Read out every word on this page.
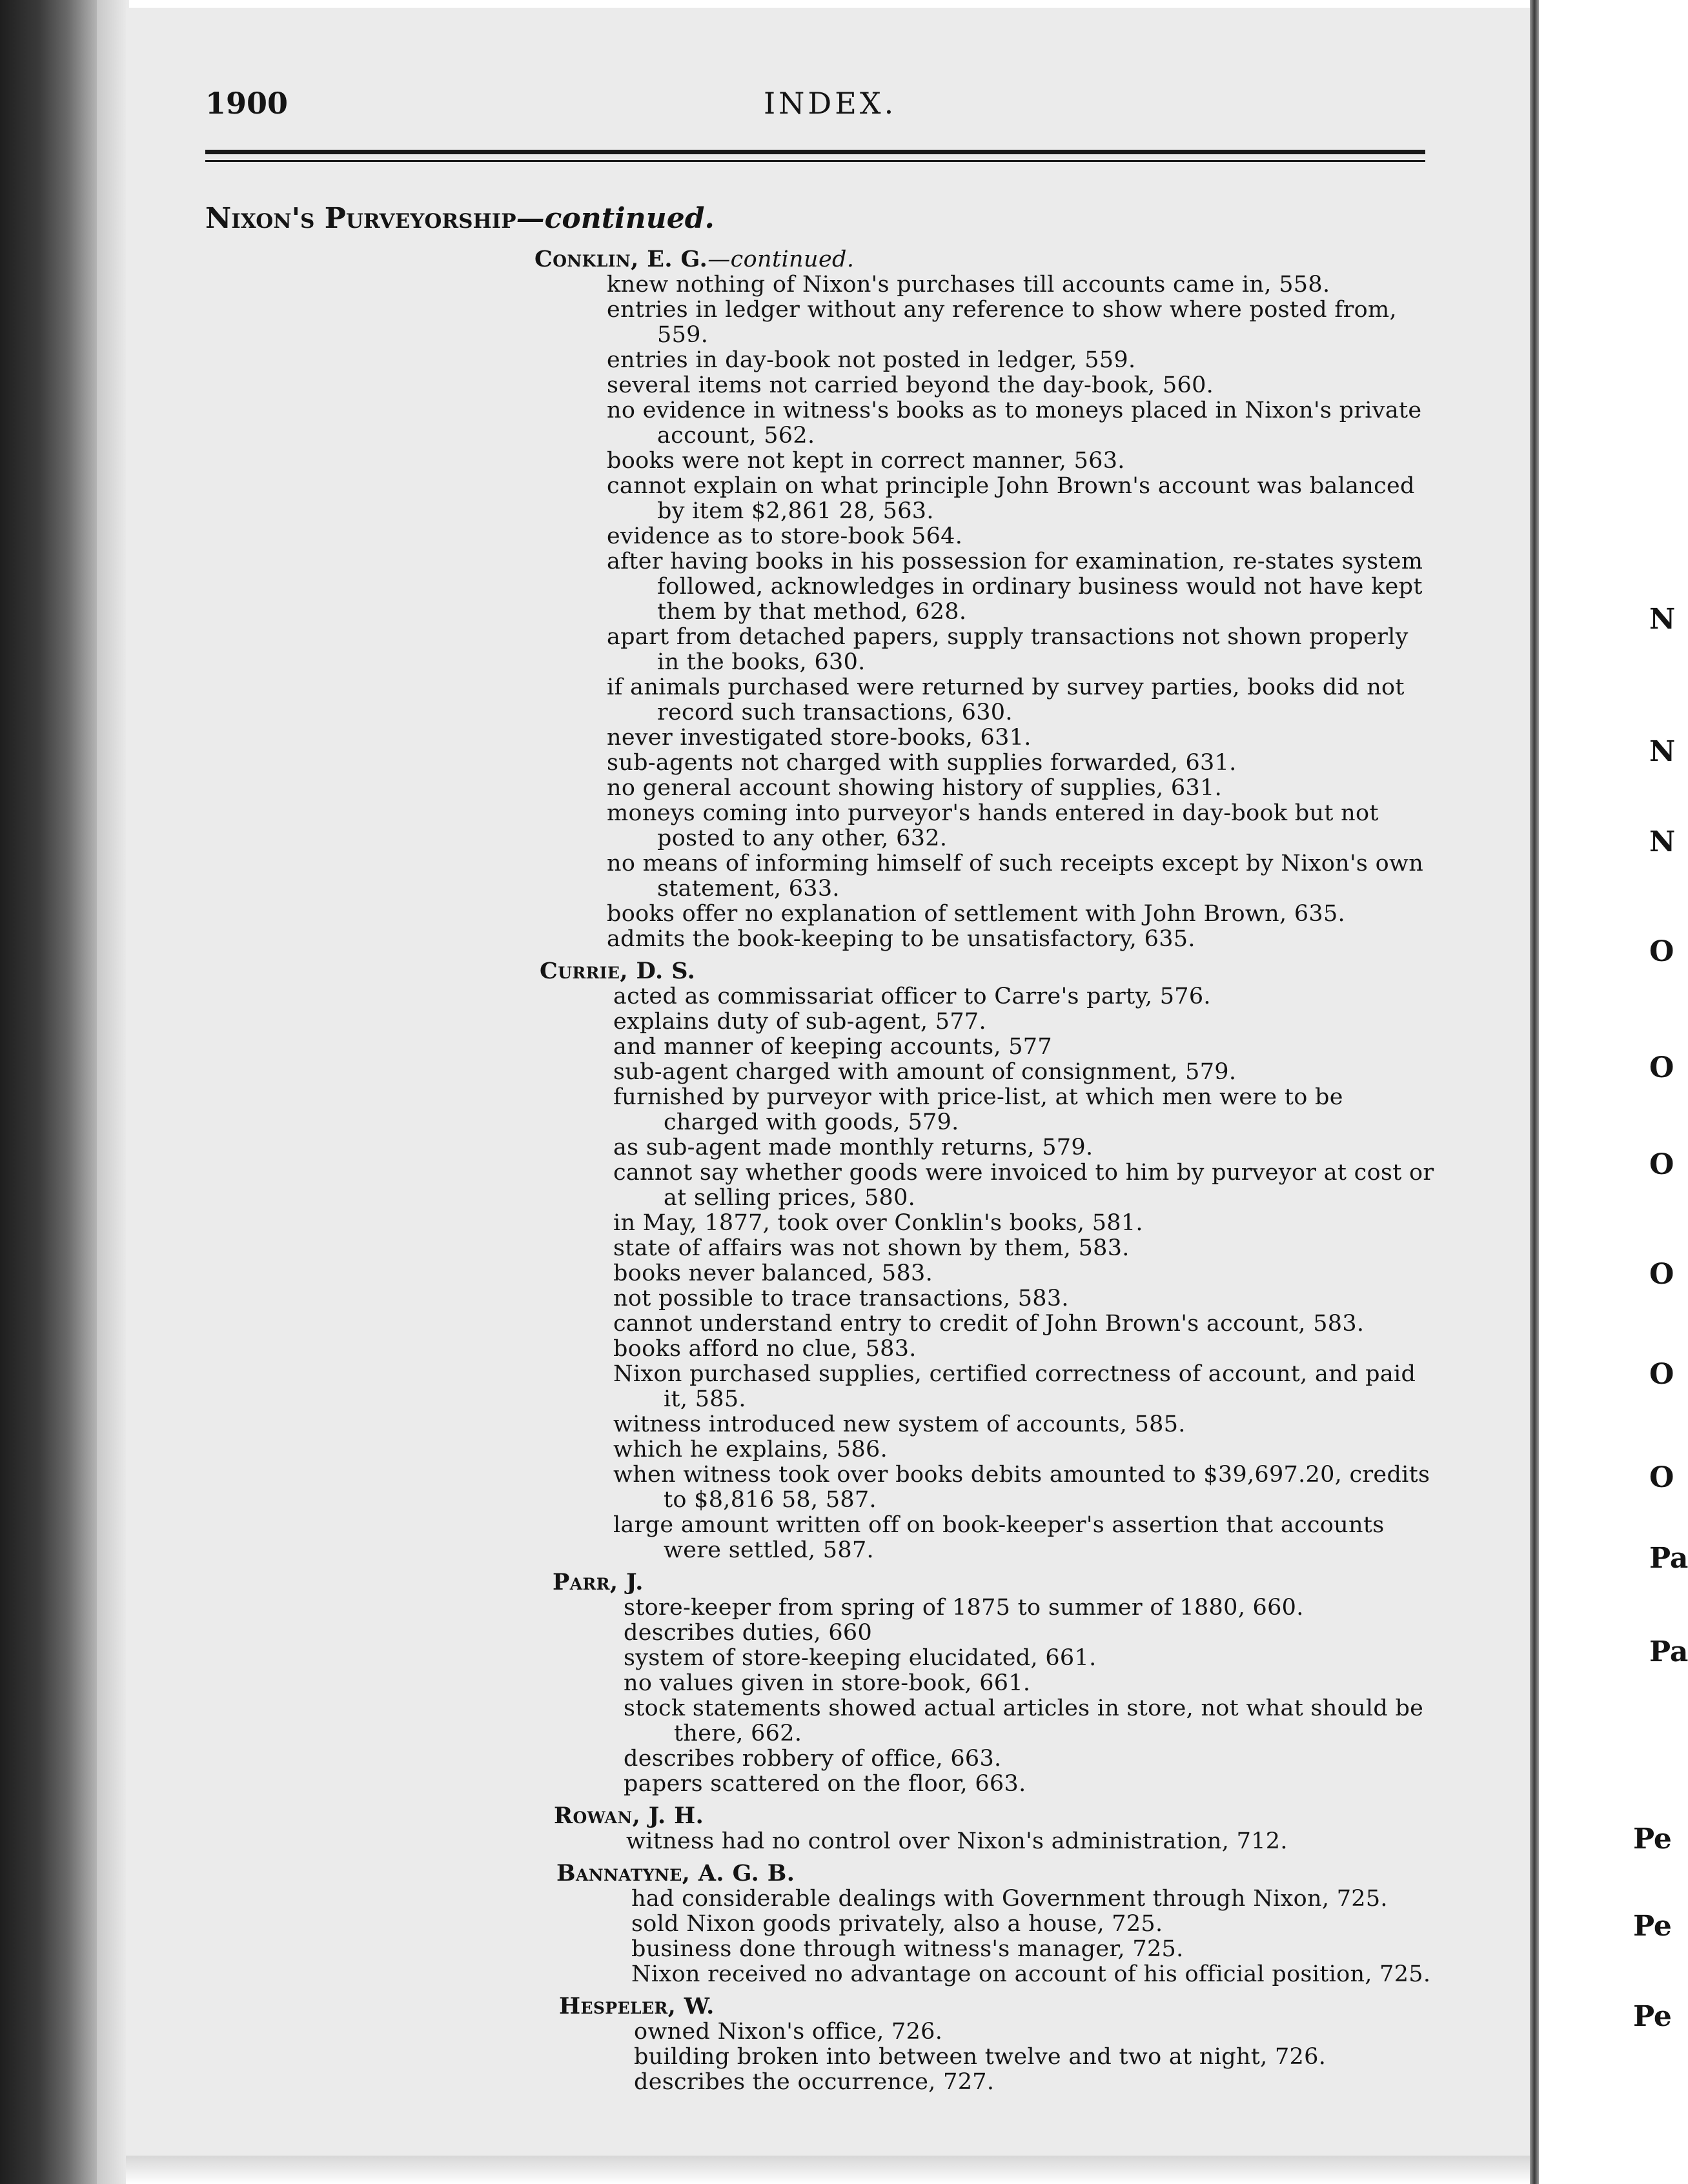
1900	INDEX.
Nixon's Purveyorship—continued.
Conklin, E. G.—continued.
knew nothing of Nixon's purchases till accounts came in, 558.
entries in ledger without any reference to show where posted from, 559.
entries in day-book not posted in ledger, 559.
several items not carried beyond the day-book, 560.
no evidence in witness's books as to moneys placed in Nixon's private account, 562.
books were not kept in correct manner, 563.
cannot explain on what principle John Brown's account was balanced by item $2,861 28, 563.
evidence as to store-book 564.
after having books in his possession for examination, re-states system followed, acknowledges in ordinary business would not have kept them by that method, 628.
apart from detached papers, supply transactions not shown properly in the books, 630.
if animals purchased were returned by survey parties, books did not record such transactions, 630.
never investigated store-books, 631.
sub-agents not charged with supplies forwarded, 631.
no general account showing history of supplies, 631.
moneys coming into purveyor's hands entered in day-book but not posted to any other, 632.
no means of informing himself of such receipts except by Nixon's own statement, 633.
books offer no explanation of settlement with John Brown, 635.
admits the book-keeping to be unsatisfactory, 635.
Currie, D. S.
acted as commissariat officer to Carre's party, 576.
explains duty of sub-agent, 577.
and manner of keeping accounts, 577
sub-agent charged with amount of consignment, 579.
furnished by purveyor with price-list, at which men were to be charged with goods, 579.
as sub-agent made monthly returns, 579.
cannot say whether goods were invoiced to him by purveyor at cost or at selling prices, 580.
in May, 1877, took over Conklin's books, 581.
state of affairs was not shown by them, 583.
books never balanced, 583.
not possible to trace transactions, 583.
cannot understand entry to credit of John Brown's account, 583.
books afford no clue, 583.
Nixon purchased supplies, certified correctness of account, and paid it, 585.
witness introduced new system of accounts, 585.
which he explains, 586.
when witness took over books debits amounted to $39,697.20, credits to $8,816 58, 587.
large amount written off on book-keeper's assertion that accounts were settled, 587.
Parr, J.
store-keeper from spring of 1875 to summer of 1880, 660.
describes duties, 660
system of store-keeping elucidated, 661.
no values given in store-book, 661.
stock statements showed actual articles in store, not what should be there, 662.
describes robbery of office, 663.
papers scattered on the floor, 663.
Rowan, J. H.
witness had no control over Nixon's administration, 712.
Bannatyne, A. G. B.
had considerable dealings with Government through Nixon, 725.
sold Nixon goods privately, also a house, 725.
business done through witness's manager, 725.
Nixon received no advantage on account of his official position, 725.
Hespeler, W.
owned Nixon's office, 726.
building broken into between twelve and two at night, 726.
describes the occurrence, 727.
N
N
N
O
O
O
O
O
O
Pa
Pa
Pe
Pe
Pe
